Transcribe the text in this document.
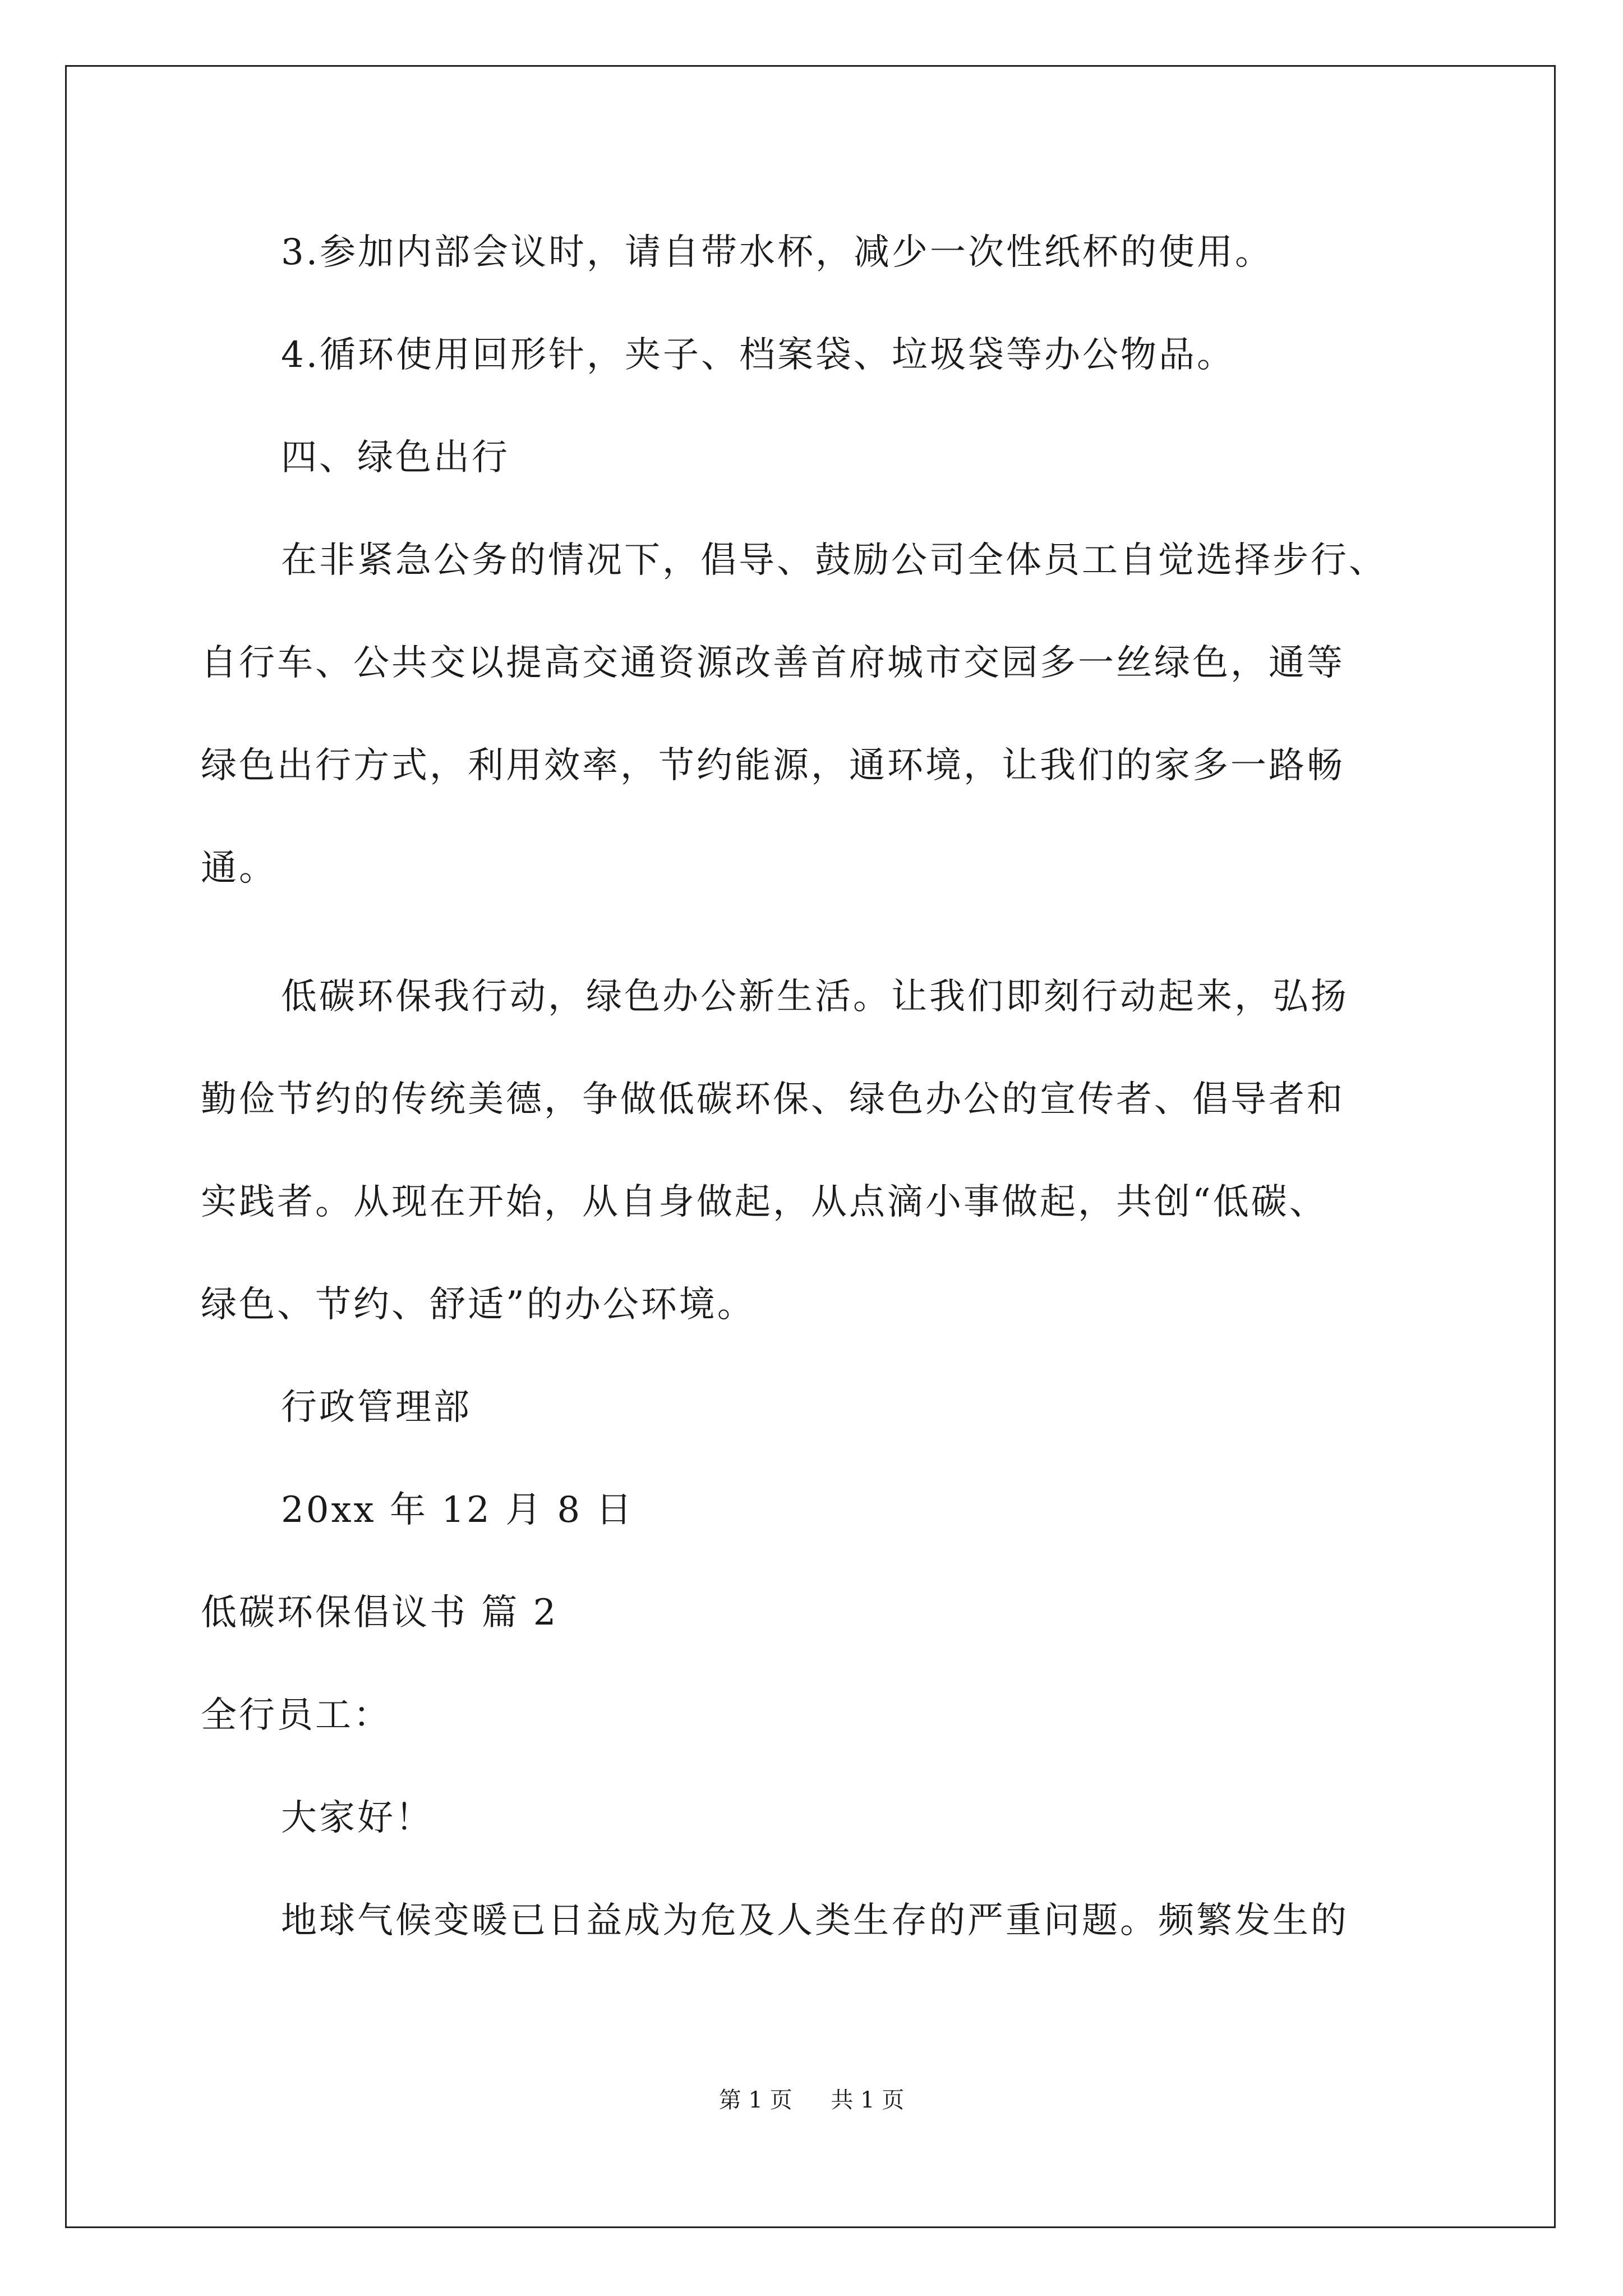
3.参加内部会议时，请自带水杯，减少一次性纸杯的使用。
4.循环使用回形针，夹子、档案袋、垃圾袋等办公物品。
四、绿色出行
在非紧急公务的情况下，倡导、鼓励公司全体员工自觉选择步行、
自行车、公共交以提高交通资源改善首府城市交园多一丝绿色，通等
绿色出行方式，利用效率，节约能源，通环境，让我们的家多一路畅
通。
低碳环保我行动，绿色办公新生活。让我们即刻行动起来，弘扬
勤俭节约的传统美德，争做低碳环保、绿色办公的宣传者、倡导者和
实践者。从现在开始，从自身做起，从点滴小事做起，共创“低碳、
绿色、节约、舒适”的办公环境。
行政管理部
20xx 年 12 月 8 日
低碳环保倡议书 篇 2
全行员工：
大家好！
地球气候变暖已日益成为危及人类生存的严重问题。频繁发生的
第 1 页 共 1 页
